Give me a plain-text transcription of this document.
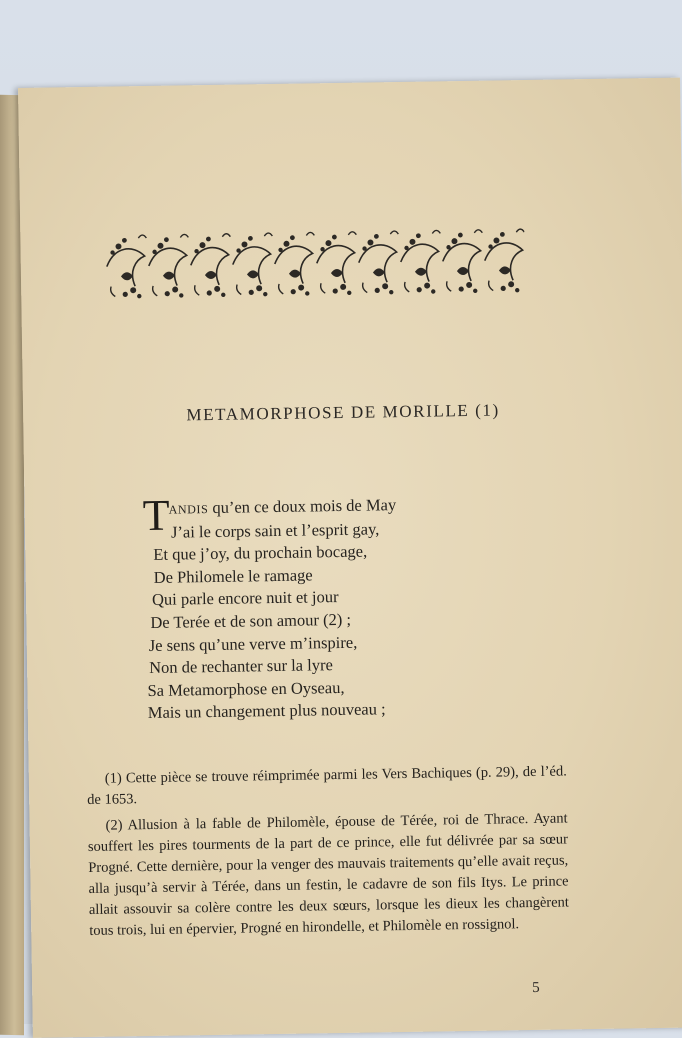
METAMORPHOSE DE MORILLE (1)
T
ANDIS qu’en ce doux mois de May
J’ai le corps sain et l’esprit gay,
Et que j’oy, du prochain bocage,
De Philomele le ramage
Qui parle encore nuit et jour
De Terée et de son amour (2) ;
Je sens qu’une verve m’inspire,
Non de rechanter sur la lyre
Sa Metamorphose en Oyseau,
Mais un changement plus nouveau ;

(1) Cette pièce se trouve réimprimée parmi les Vers Bachiques (p. 29), de l’éd. de 1653.

(2) Allusion à la fable de Philomèle, épouse de Térée, roi de Thrace. Ayant souffert les pires tourments de la part de ce prince, elle fut délivrée par sa sœur Progné. Cette dernière, pour la venger des mauvais traitements qu’elle avait reçus, alla jusqu’à servir à Térée, dans un festin, le cadavre de son fils Itys. Le prince allait assouvir sa colère contre les deux sœurs, lorsque les dieux les changèrent tous trois, lui en épervier, Progné en hirondelle, et Philomèle en rossignol.

5
